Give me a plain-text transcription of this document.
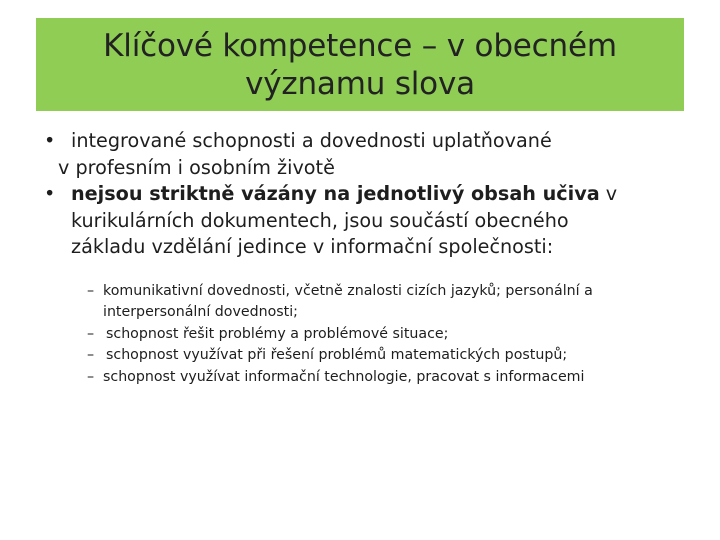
Klíčové kompetence – v obecném
významu slova
• integrované schopnosti a dovednosti uplatňované
v profesním i osobním životě
• nejsou striktně vázány na jednotlivý obsah učiva v
kurikulárních dokumentech, jsou součástí obecného
základu vzdělání jedince v informační společnosti:
– komunikativní dovednosti, včetně znalosti cizích jazyků; personální a
interpersonální dovednosti;
– schopnost řešit problémy a problémové situace;
– schopnost využívat při řešení problémů matematických postupů;
– schopnost využívat informační technologie, pracovat s informacemi
